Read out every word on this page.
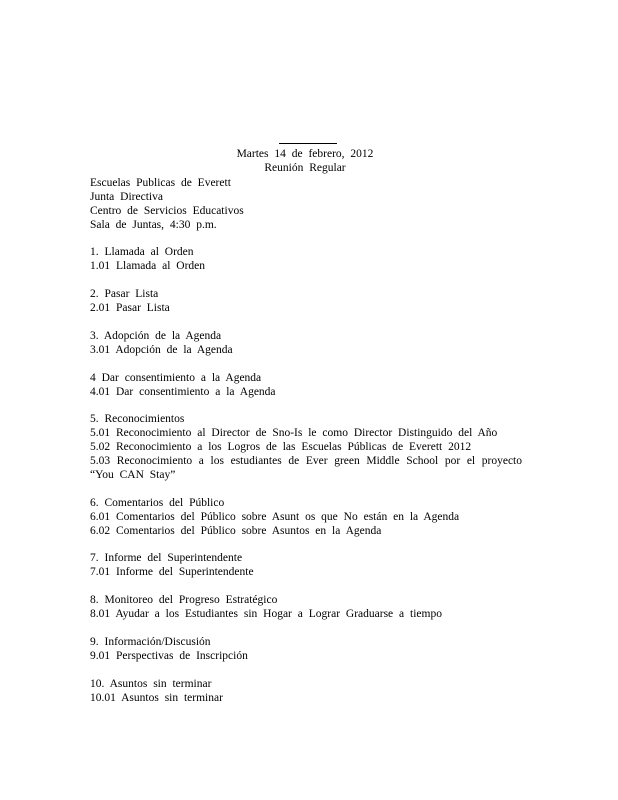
Martes 14 de febrero, 2012
Reunión Regular
Escuelas Publicas de Everett
Junta Directiva
Centro de Servicios Educativos
Sala de Juntas, 4:30 p.m.
1. Llamada al Orden
1.01 Llamada al Orden
2. Pasar Lista
2.01 Pasar Lista
3. Adopción de la Agenda
3.01 Adopción de la Agenda
4 Dar consentimiento a la Agenda
4.01 Dar consentimiento a la Agenda
5. Reconocimientos
5.01 Reconocimiento al Director de Sno-Is le como Director Distinguido del Año
5.02 Reconocimiento a los Logros de las Escuelas Públicas de Everett 2012
5.03 Reconocimiento a los estudiantes de Ever green Middle School por el proyecto “You CAN Stay”
6. Comentarios del Público
6.01 Comentarios del Público sobre Asunt os que No están en la Agenda
6.02 Comentarios del Público sobre Asuntos en la Agenda
7. Informe del Superintendente
7.01 Informe del Superintendente
8. Monitoreo del Progreso Estratégico
8.01 Ayudar a los Estudiantes sin Hogar a Lograr Graduarse a tiempo
9. Información/Discusión
9.01 Perspectivas de Inscripción
10. Asuntos sin terminar
10.01 Asuntos sin terminar
